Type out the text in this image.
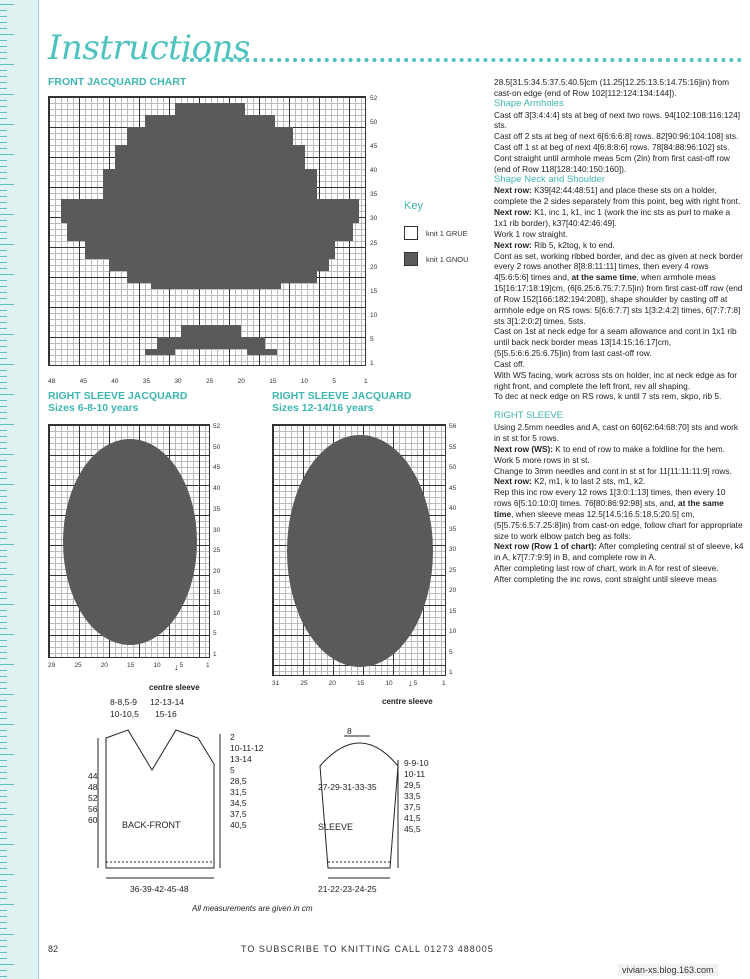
Instructions
FRONT JACQUARD CHART
52
50
45
40
35
30
25
20
15
10
5
1
48	45	40	35	30	25	20	15	10	5	1
Key
knit 1 GRUE
knit 1 GNOU
RIGHT SLEEVE JACQUARD
Sizes 6-8-10 years
52
50
45
40
35
30
25
20
15
10
5
1
29	25	20	15	10	5	1
centre sleeve
↓
RIGHT SLEEVE JACQUARD
Sizes 12-14/16 years
56
55
50
45
40
35
30
25
20
15
10
5
1
31	25	20	15	10	5	1
centre sleeve
↓
8-8,5-9
10-10,5
12-13-14
15-16
44
48
52
56
60
2
10-11-12
13-14
5
28,5
31,5
34,5
37,5
40,5
BACK-FRONT
36-39-42-45-48
8
27-29-31-33-35
SLEEVE
9-9-10
10-11
29,5
33,5
37,5
41,5
45,5
21-22-23-24-25
All measurements are given in cm

28.5[31.5:34.5:37.5:40.5]cm (11.25[12.25:13.5:14.75:16]in) from cast-on edge (end of Row 102[112:124:134:144]).

Shape Armholes

Cast off 3[3:4:4:4] sts at beg of next two rows. 94[102:108:116:124] sts.

Cast off 2 sts at beg of next 6[6:6:6:8] rows. 82[90:96:104:108] sts.

Cast off 1 st at beg of next 4[6:8:8:6] rows. 78[84:88:96:102] sts.

Cont straight until armhole meas 5cm (2in) from first cast-off row (end of Row 118[128:140:150:160]).

Shape Neck and Shoulder

Next row: K39[42:44:48:51] and place these sts on a holder, complete the 2 sides separately from this point, beg with right front.

Next row: K1, inc 1, k1, inc 1 (work the inc sts as purl to make a 1x1 rib border), k37[40:42:46:49].

Work 1 row straight.

Next row: Rib 5, k2tog, k to end.

Cont as set, working ribbed border, and dec as given at neck border every 2 rows another 8[8:8:11:11] times, then every 4 rows 4[5:6:5:6] times and, at the same time, when armhole meas 15[16:17:18:19]cm, (6[6.25:6.75:7:7.5]in) from first cast-off row (end of Row 152[166:182:194:208]), shape shoulder by casting off at armhole edge on RS rows: 5[6:6:7:7] sts 1[3:2:4:2] times, 6[7:7:7:8] sts 3[1:2:0:2] times. 5sts.

Cast on 1st at neck edge for a seam allowance and cont in 1x1 rib until back neck border meas 13[14:15:16:17]cm, (5[5.5:6:6.25:6.75]in) from last cast-off row.

Cast off.

With WS facing, work across sts on holder, inc at neck edge as for right front, and complete the left front, rev all shaping.

To dec at neck edge on RS rows, k until 7 sts rem, skpo, rib 5.

RIGHT SLEEVE

Using 2.5mm needles and A, cast on 60[62:64:68:70] sts and work in st st for 5 rows.

Next row (WS): K to end of row to make a foldline for the hem.

Work 5 more rows in st st.

Change to 3mm needles and cont in st st for 11[11:11:11:9] rows.

Next row: K2, m1, k to last 2 sts, m1, k2.

Rep this inc row every 12 rows 1[3:0:1:13] times, then every 10 rows 6[5:10:10:0] times. 76[80:86:92:98] sts, and, at the same time, when sleeve meas 12.5[14.5:16.5:18.5:20.5] cm, (5[5.75:6.5:7.25:8]in) from cast-on edge, follow chart for appropriate size to work elbow patch beg as folls:

Next row (Row 1 of chart): After completing central st of sleeve, k4 in A, k7[7:7:9:9] in B, and complete row in A.

After completing last row of chart, work in A for rest of sleeve.

After completing the inc rows, cont straight until sleeve meas

82	TO SUBSCRIBE TO KNITTING CALL 01273 488005
vivian-xs.blog.163.com
